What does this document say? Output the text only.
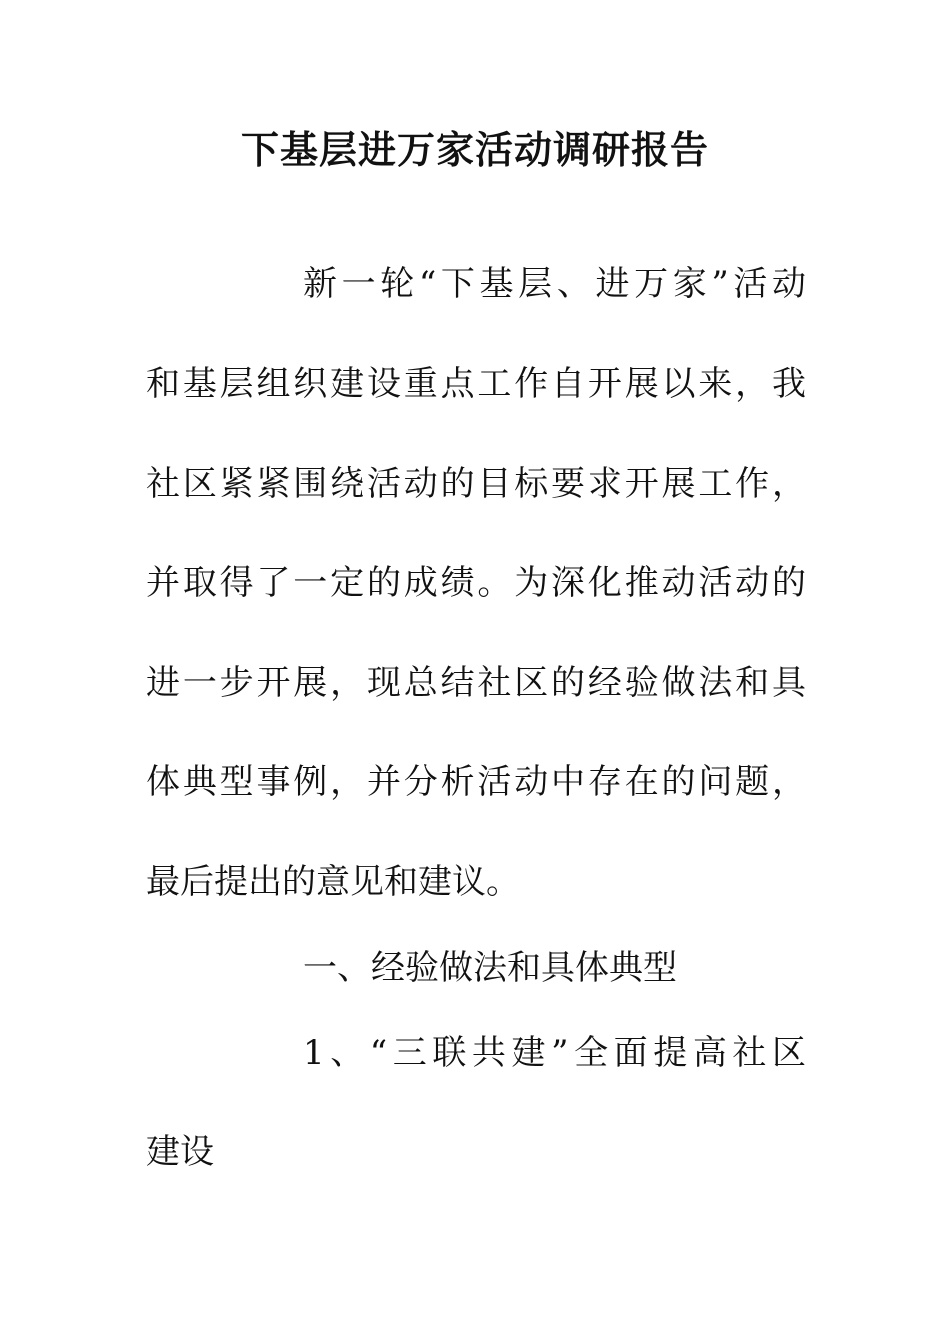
下基层进万家活动调研报告

新一轮“下基层、进万家”活动

和基层组织建设重点工作自开展以来，我

社区紧紧围绕活动的目标要求开展工作，

并取得了一定的成绩。为深化推动活动的

进一步开展，现总结社区的经验做法和具

体典型事例，并分析活动中存在的问题，

最后提出的意见和建议。

一、经验做法和具体典型

1、“三联共建”全面提高社区

建设
